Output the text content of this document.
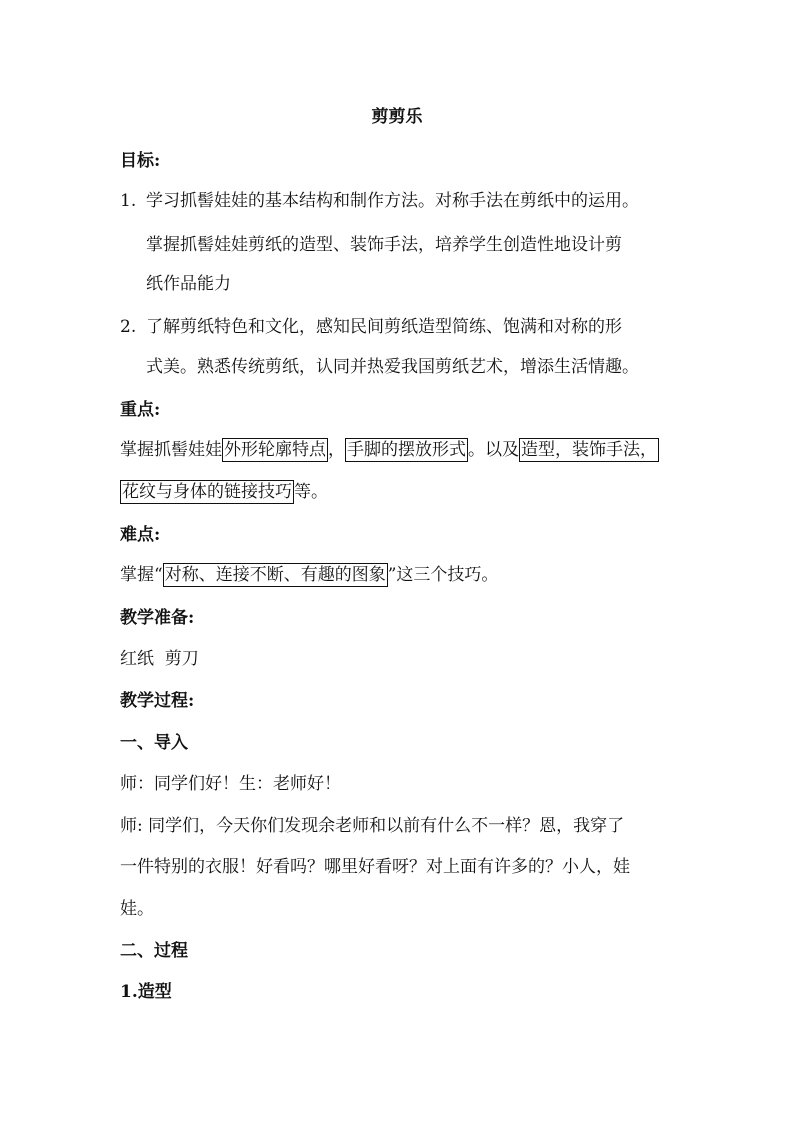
剪剪乐
目标:
1. 学习抓髻娃娃的基本结构和制作方法。对称手法在剪纸中的运用。
掌握抓髻娃娃剪纸的造型、装饰手法，培养学生创造性地设计剪
纸作品能力
2. 了解剪纸特色和文化，感知民间剪纸造型简练、饱满和对称的形
式美。熟悉传统剪纸，认同并热爱我国剪纸艺术，增添生活情趣。
重点:
掌握抓髻娃娃 外形轮廓特点 ， 手脚的摆放形式 。以及 造型，装饰手法，
花纹与身体的链接技巧 等。
难点:
掌握“ 对称、连接不断、有趣的图象 ”这三个技巧。
教学准备:
红纸  剪刀
教学过程:
一、导入
师：同学们好！生：老师好！
师: 同学们，今天你们发现余老师和以前有什么不一样？恩，我穿了
一件特别的衣服！好看吗？哪里好看呀？对上面有许多的？小人，娃
娃。
二、过程
1.造型
